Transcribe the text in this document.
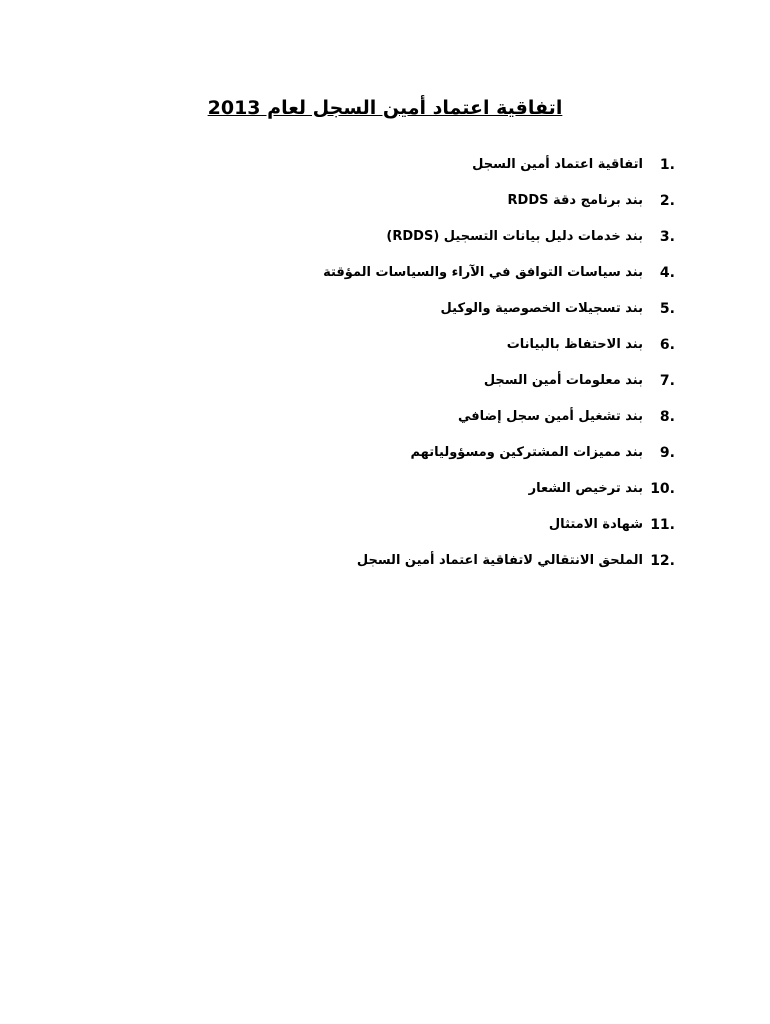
اتفاقية اعتماد أمين السجل لعام 2013
.1
اتفاقية اعتماد أمين السجل
.2
بند برنامج دقة RDDS
.3
بند خدمات دليل بيانات التسجيل (RDDS)
.4
بند سياسات التوافق في الآراء والسياسات المؤقتة
.5
بند تسجيلات الخصوصية والوكيل
.6
بند الاحتفاظ بالبيانات
.7
بند معلومات أمين السجل
.8
بند تشغيل أمين سجل إضافي
.9
بند مميزات المشتركين ومسؤولياتهم
.10
بند ترخيص الشعار
.11
شهادة الامتثال
.12
الملحق الانتقالي لاتفاقية اعتماد أمين السجل
